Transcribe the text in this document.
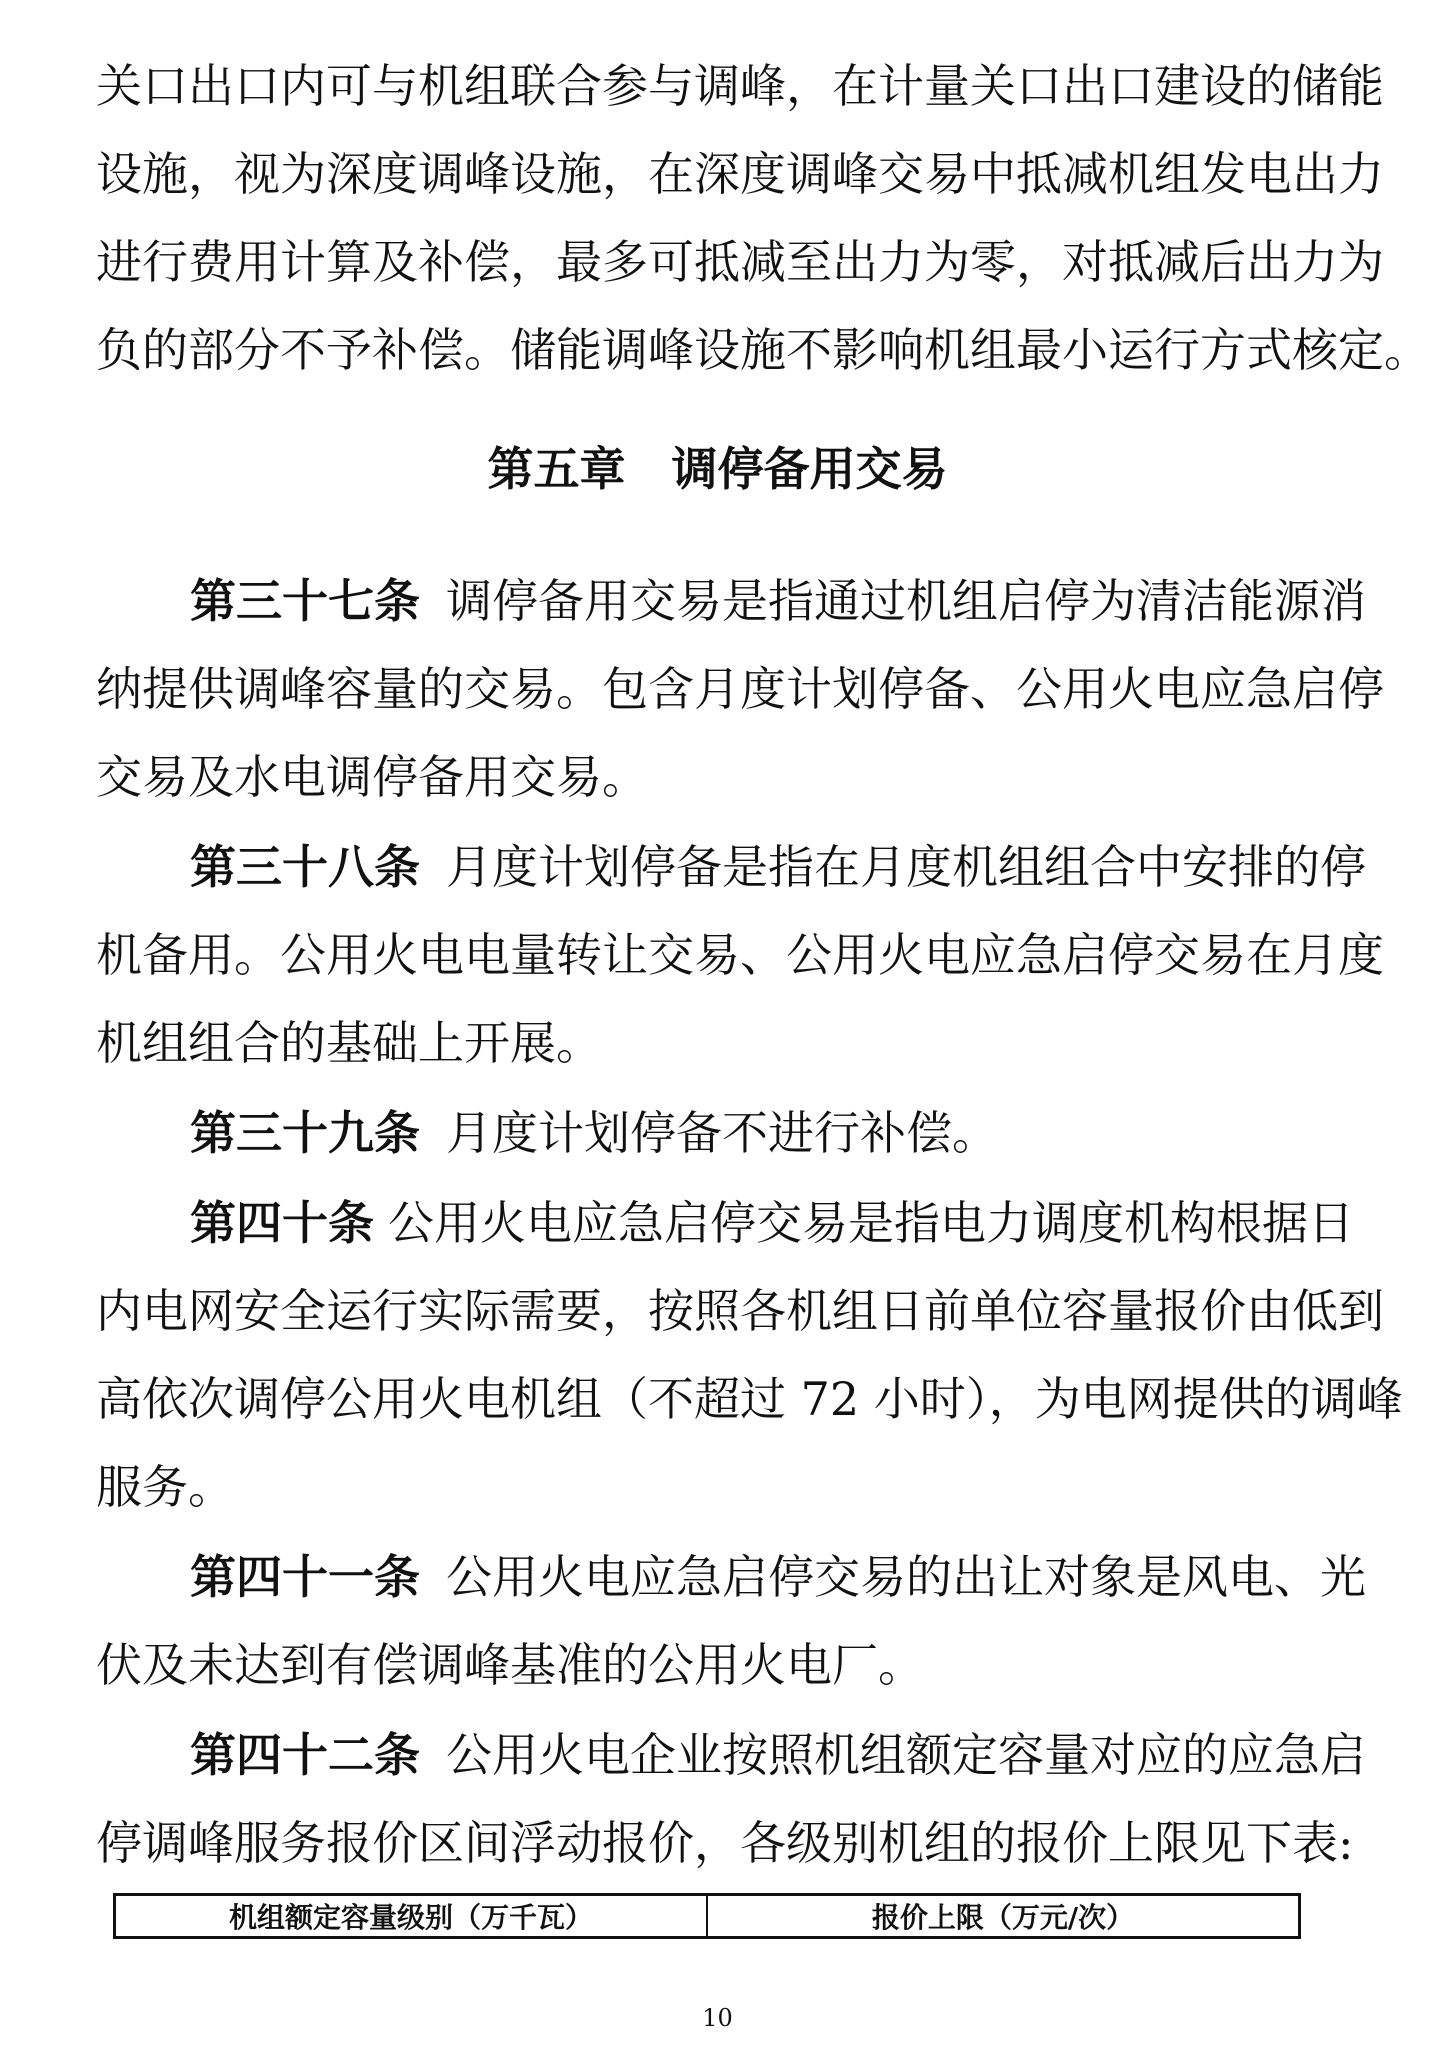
关口出口内可与机组联合参与调峰，在计量关口出口建设的储能
设施，视为深度调峰设施，在深度调峰交易中抵减机组发电出力
进行费用计算及补偿，最多可抵减至出力为零，对抵减后出力为
负的部分不予补偿。储能调峰设施不影响机组最小运行方式核定。
第五章 调停备用交易
第三十七条 调停备用交易是指通过机组启停为清洁能源消
纳提供调峰容量的交易。包含月度计划停备、公用火电应急启停
交易及水电调停备用交易。
第三十八条 月度计划停备是指在月度机组组合中安排的停
机备用。公用火电电量转让交易、公用火电应急启停交易在月度
机组组合的基础上开展。
第三十九条 月度计划停备不进行补偿。
第四十条 公用火电应急启停交易是指电力调度机构根据日
内电网安全运行实际需要，按照各机组日前单位容量报价由低到
高依次调停公用火电机组（不超过 72 小时），为电网提供的调峰
服务。
第四十一条 公用火电应急启停交易的出让对象是风电、光
伏及未达到有偿调峰基准的公用火电厂。
第四十二条 公用火电企业按照机组额定容量对应的应急启
停调峰服务报价区间浮动报价，各级别机组的报价上限见下表:
机组额定容量级别（万千瓦）	报价上限（万元/次）
10
